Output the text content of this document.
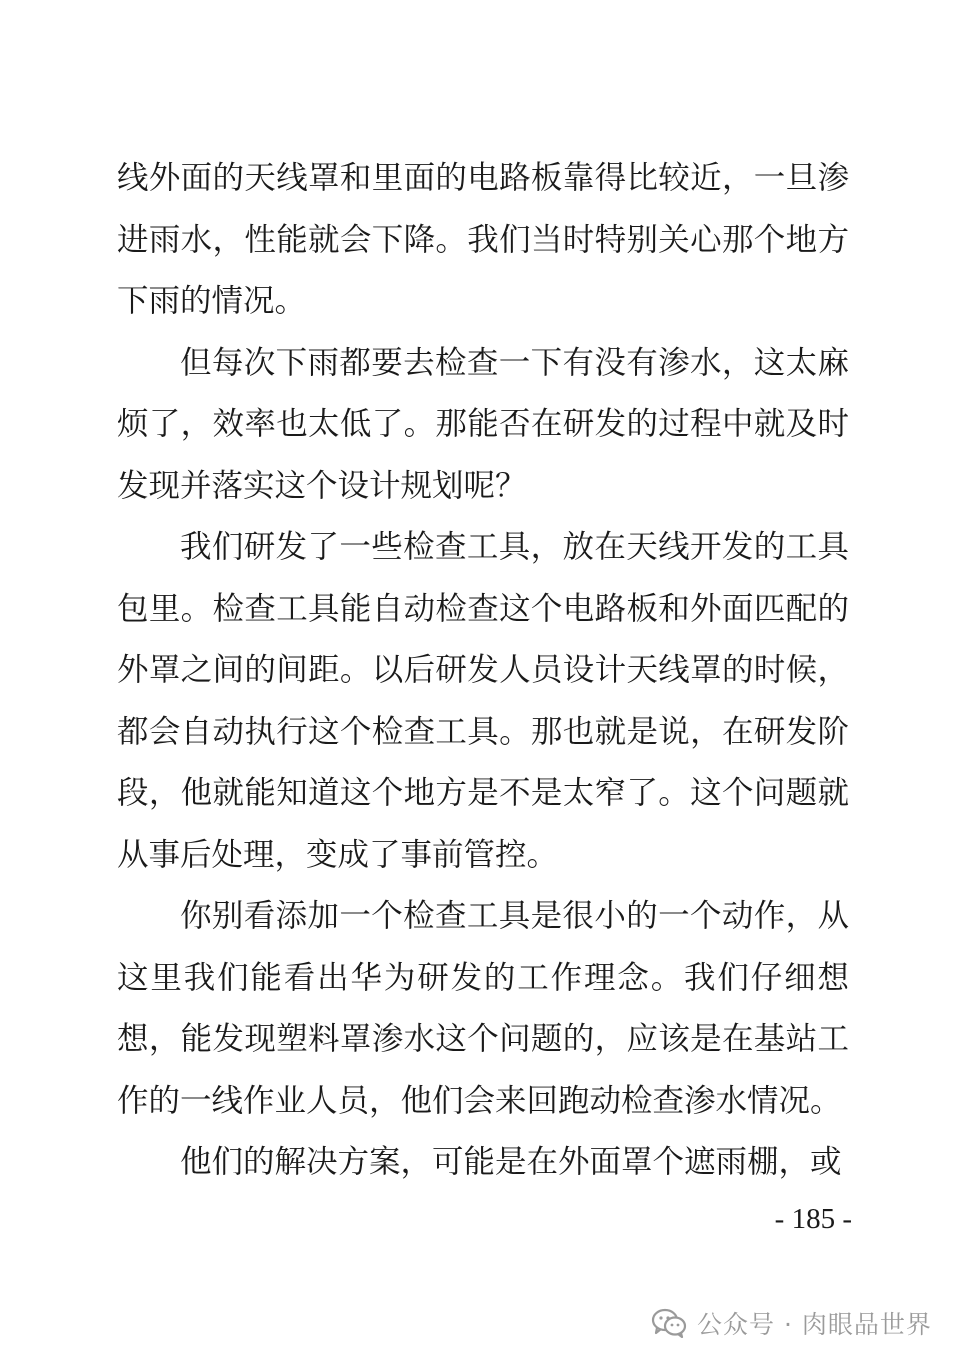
线外面的天线罩和里面的电路板靠得比较近，一旦渗进雨水，性能就会下降。我们当时特别关心那个地方下雨的情况。

但每次下雨都要去检查一下有没有渗水，这太麻烦了，效率也太低了。那能否在研发的过程中就及时发现并落实这个设计规划呢？

我们研发了一些检查工具，放在天线开发的工具包里。检查工具能自动检查这个电路板和外面匹配的外罩之间的间距。以后研发人员设计天线罩的时候，都会自动执行这个检查工具。那也就是说，在研发阶段，他就能知道这个地方是不是太窄了。这个问题就从事后处理，变成了事前管控。

你别看添加一个检查工具是很小的一个动作，从这里我们能看出华为研发的工作理念。我们仔细想想，能发现塑料罩渗水这个问题的，应该是在基站工作的一线作业人员，他们会来回跑动检查渗水情况。

他们的解决方案，可能是在外面罩个遮雨棚，或

- 185 -
公众号 · 肉眼品世界
